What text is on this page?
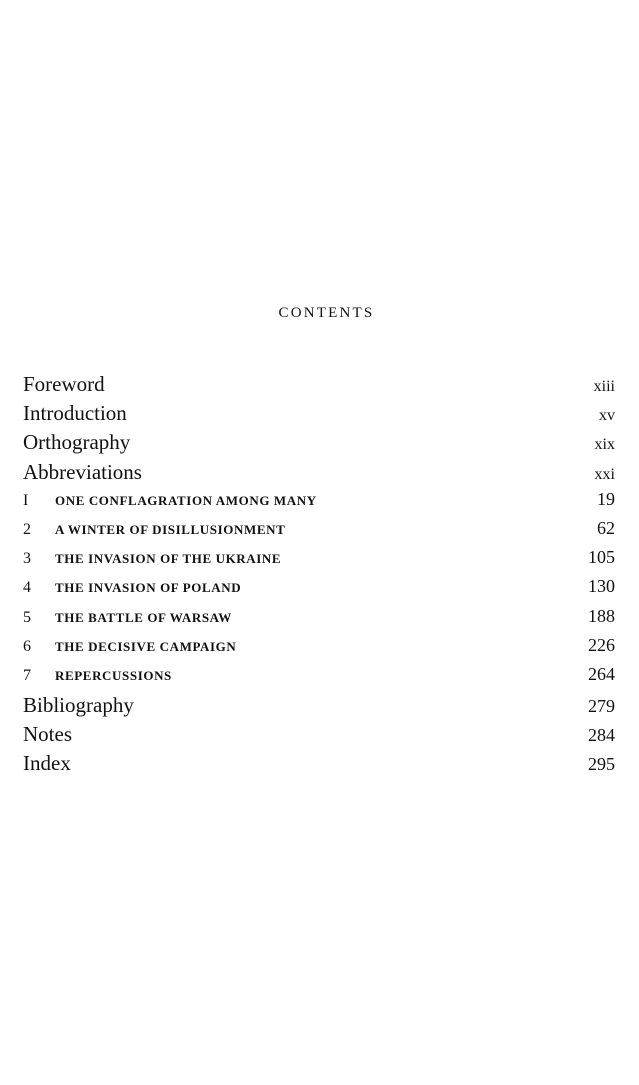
CONTENTS
Foreword	xiii
Introduction	xv
Orthography	xix
Abbreviations	xxi
I	ONE CONFLAGRATION AMONG MANY	19
2	A WINTER OF DISILLUSIONMENT	62
3	THE INVASION OF THE UKRAINE	105
4	THE INVASION OF POLAND	130
5	THE BATTLE OF WARSAW	188
6	THE DECISIVE CAMPAIGN	226
7	REPERCUSSIONS	264
Bibliography	279
Notes	284
Index	295
